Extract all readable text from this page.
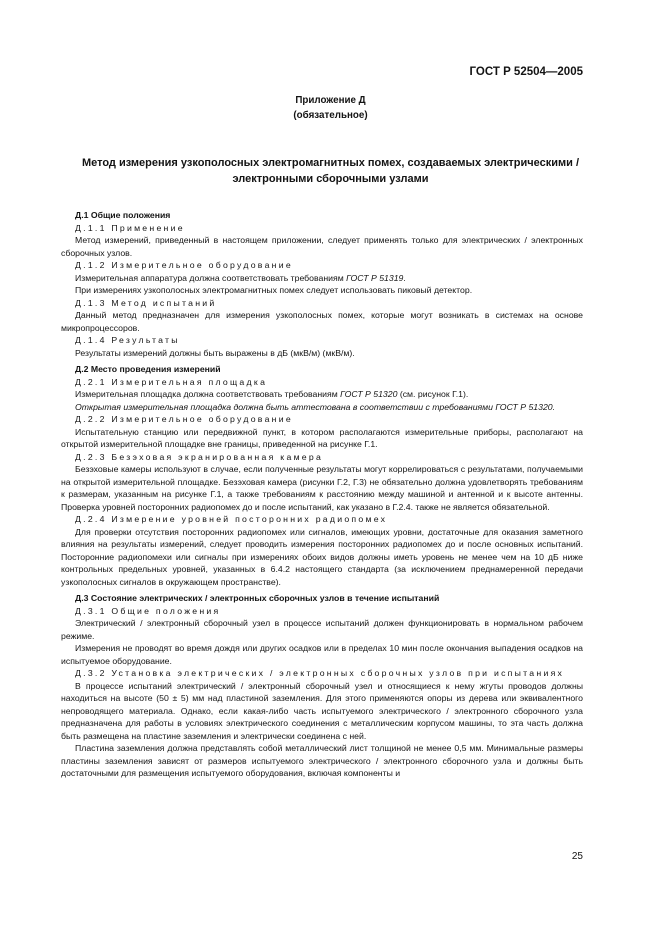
ГОСТ Р 52504—2005
Приложение Д
(обязательное)
Метод измерения узкополосных электромагнитных помех, создаваемых электрическими /
электронными сборочными узлами

Д.1 Общие положения

Д.1.1 Применение

Метод измерений, приведенный в настоящем приложении, следует применять только для электрических / электронных сборочных узлов.

Д.1.2 Измерительное оборудование

Измерительная аппаратура должна соответствовать требованиям ГОСТ Р 51319.

При измерениях узкополосных электромагнитных помех следует использовать пиковый детектор.

Д.1.3 Метод испытаний

Данный метод предназначен для измерения узкополосных помех, которые могут возникать в системах на основе микропроцессоров.

Д.1.4 Результаты

Результаты измерений должны быть выражены в дБ (мкВ/м) (мкВ/м).

Д.2 Место проведения измерений

Д.2.1 Измерительная площадка

Измерительная площадка должна соответствовать требованиям ГОСТ Р 51320 (см. рисунок Г.1).

Открытая измерительная площадка должна быть аттестована в соответствии с требованиями ГОСТ Р 51320.

Д.2.2 Измерительное оборудование

Испытательную станцию или передвижной пункт, в котором располагаются измерительные приборы, располагают на открытой измерительной площадке вне границы, приведенной на рисунке Г.1.

Д.2.3 Безэховая экранированная камера

Безэховые камеры используют в случае, если полученные результаты могут коррелироваться с результатами, получаемыми на открытой измерительной площадке. Безэховая камера (рисунки Г.2, Г.3) не обязательно должна удовлетворять требованиям к размерам, указанным на рисунке Г.1, а также требованиям к расстоянию между машиной и антенной и к высоте антенны. Проверка уровней посторонних радиопомех до и после испытаний, как указано в Г.2.4. также не является обязательной.

Д.2.4 Измерение уровней посторонних радиопомех

Для проверки отсутствия посторонних радиопомех или сигналов, имеющих уровни, достаточные для оказания заметного влияния на результаты измерений, следует проводить измерения посторонних радиопомех до и после основных испытаний. Посторонние радиопомехи или сигналы при измерениях обоих видов должны иметь уровень не менее чем на 10 дБ ниже контрольных предельных уровней, указанных в 6.4.2 настоящего стандарта (за исключением преднамеренной передачи узкополосных сигналов в окружающем пространстве).

Д.3 Состояние электрических / электронных сборочных узлов в течение испытаний

Д.3.1 Общие положения

Электрический / электронный сборочный узел в процессе испытаний должен функционировать в нормальном рабочем режиме.

Измерения не проводят во время дождя или других осадков или в пределах 10 мин после окончания выпадения осадков на испытуемое оборудование.

Д.3.2 Установка электрических / электронных сборочных узлов при испытаниях

В процессе испытаний электрический / электронный сборочный узел и относящиеся к нему жгуты проводов должны находиться на высоте (50 ± 5) мм над пластиной заземления. Для этого применяются опоры из дерева или эквивалентного непроводящего материала. Однако, если какая-либо часть испытуемого электрического / электронного сборочного узла предназначена для работы в условиях электрического соединения с металлическим корпусом машины, то эта часть должна быть размещена на пластине заземления и электрически соединена с ней.

Пластина заземления должна представлять собой металлический лист толщиной не менее 0,5 мм. Минимальные размеры пластины заземления зависят от размеров испытуемого электрического / электронного сборочного узла и должны быть достаточными для размещения испытуемого оборудования, включая компоненты и

25
